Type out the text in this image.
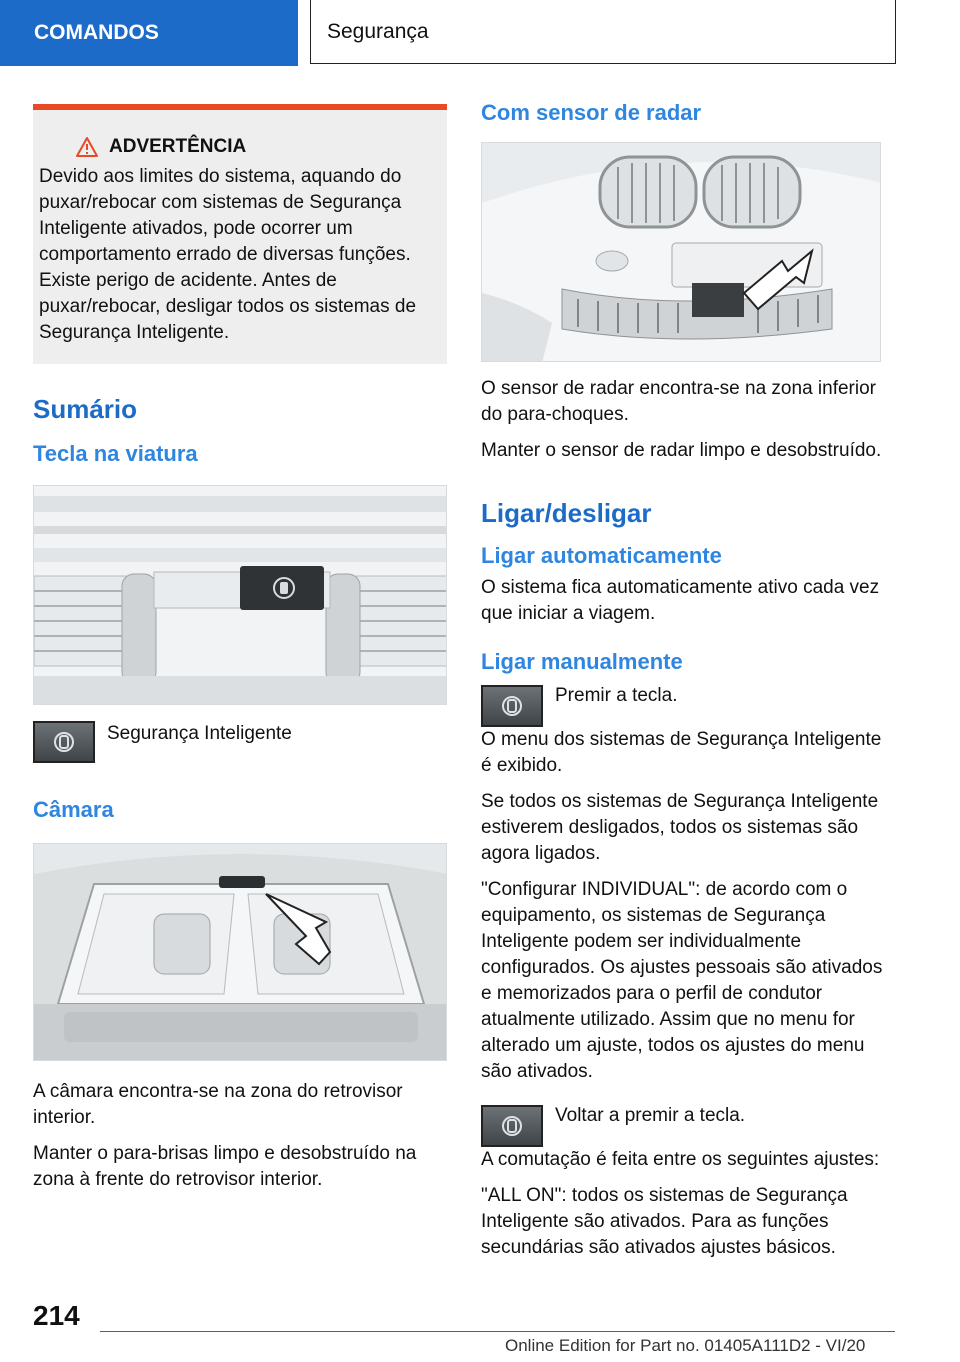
COMANDOS	Segurança
ADVERTÊNCIA
Devido aos limites do sistema, aquando do puxar/rebocar com sistemas de Segurança Inteligente ativados, pode ocorrer um comportamento errado de diversas funções. Existe perigo de acidente. Antes de puxar/rebocar, desligar todos os sistemas de Segurança Inteligente.
Sumário
Tecla na viatura

Segurança Inteligente

Câmara

A câmara encontra-se na zona do retrovisor interior.

Manter o para-brisas limpo e desobstruído na zona à frente do retrovisor interior.

Com sensor de radar

O sensor de radar encontra-se na zona inferior do para-choques.

Manter o sensor de radar limpo e desobstruído.

Ligar/desligar
Ligar automaticamente

O sistema fica automaticamente ativo cada vez que iniciar a viagem.

Ligar manualmente

Premir a tecla.

O menu dos sistemas de Segurança Inteligente é exibido.

Se todos os sistemas de Segurança Inteligente estiverem desligados, todos os sistemas são agora ligados.

"Configurar INDIVIDUAL": de acordo com o equipamento, os sistemas de Segurança Inteligente podem ser individualmente configurados. Os ajustes pessoais são ativados e memorizados para o perfil de condutor atualmente utilizado. Assim que no menu for alterado um ajuste, todos os ajustes do menu são ativados.

Voltar a premir a tecla.

A comutação é feita entre os seguintes ajustes:

"ALL ON": todos os sistemas de Segurança Inteligente são ativados. Para as funções secundárias são ativados ajustes básicos.

214
Online Edition for Part no. 01405A111D2 - VI/20
